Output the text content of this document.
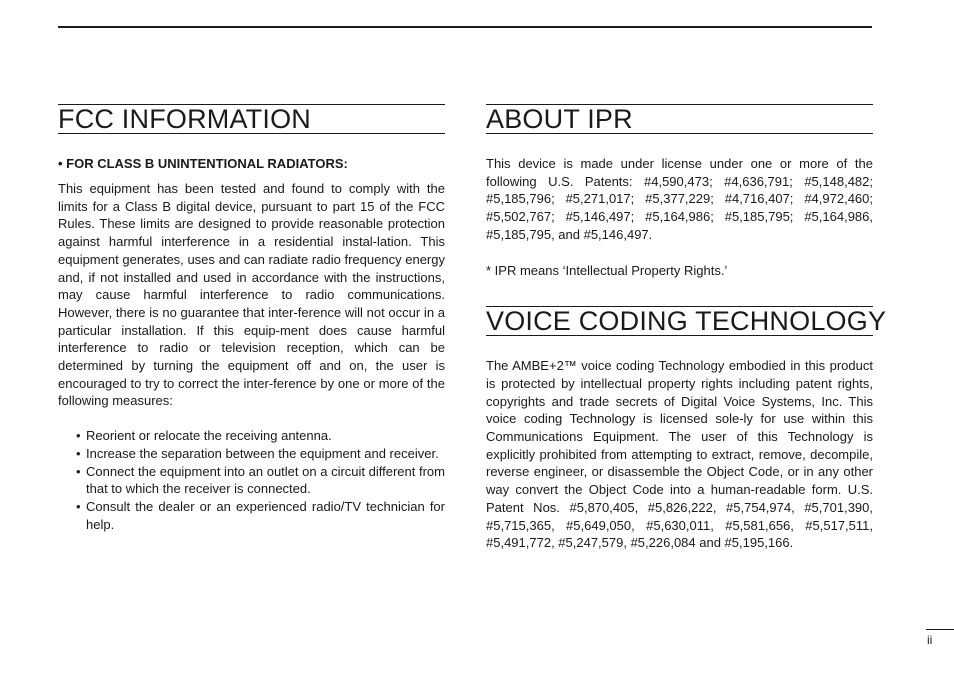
FCC INFORMATION

• FOR CLASS B UNINTENTIONAL RADIATORS:

This equipment has been tested and found to comply with the limits for a Class B digital device, pursuant to part 15 of the FCC Rules. These limits are designed to provide reasonable protection against harmful interference in a residential instal-lation. This equipment generates, uses and can radiate radio frequency energy and, if not installed and used in accordance with the instructions, may cause harmful interference to radio communications. However, there is no guarantee that inter-ference will not occur in a particular installation. If this equip-ment does cause harmful interference to radio or television reception, which can be determined by turning the equipment off and on, the user is encouraged to try to correct the inter-ference by one or more of the following measures:

• Reorient or relocate the receiving antenna.
• Increase the separation between the equipment and receiver.
• Connect the equipment into an outlet on a circuit different from that to which the receiver is connected.
• Consult the dealer or an experienced radio/TV technician for help.
ABOUT IPR

This device is made under license under one or more of the following U.S. Patents: #4,590,473; #4,636,791; #5,148,482; #5,185,796; #5,271,017; #5,377,229; #4,716,407; #4,972,460; #5,502,767; #5,146,497; #5,164,986; #5,185,795; #5,164,986, #5,185,795, and #5,146,497.

* IPR means ‘Intellectual Property Rights.’

VOICE CODING TECHNOLOGY

The AMBE+2™ voice coding Technology embodied in this product is protected by intellectual property rights including patent rights, copyrights and trade secrets of Digital Voice Systems, Inc. This voice coding Technology is licensed sole-ly for use within this Communications Equipment. The user of this Technology is explicitly prohibited from attempting to extract, remove, decompile, reverse engineer, or disassemble the Object Code, or in any other way convert the Object Code into a human-readable form. U.S. Patent Nos. #5,870,405, #5,826,222, #5,754,974, #5,701,390, #5,715,365, #5,649,050, #5,630,011, #5,581,656, #5,517,511, #5,491,772, #5,247,579, #5,226,084 and #5,195,166.

ii
